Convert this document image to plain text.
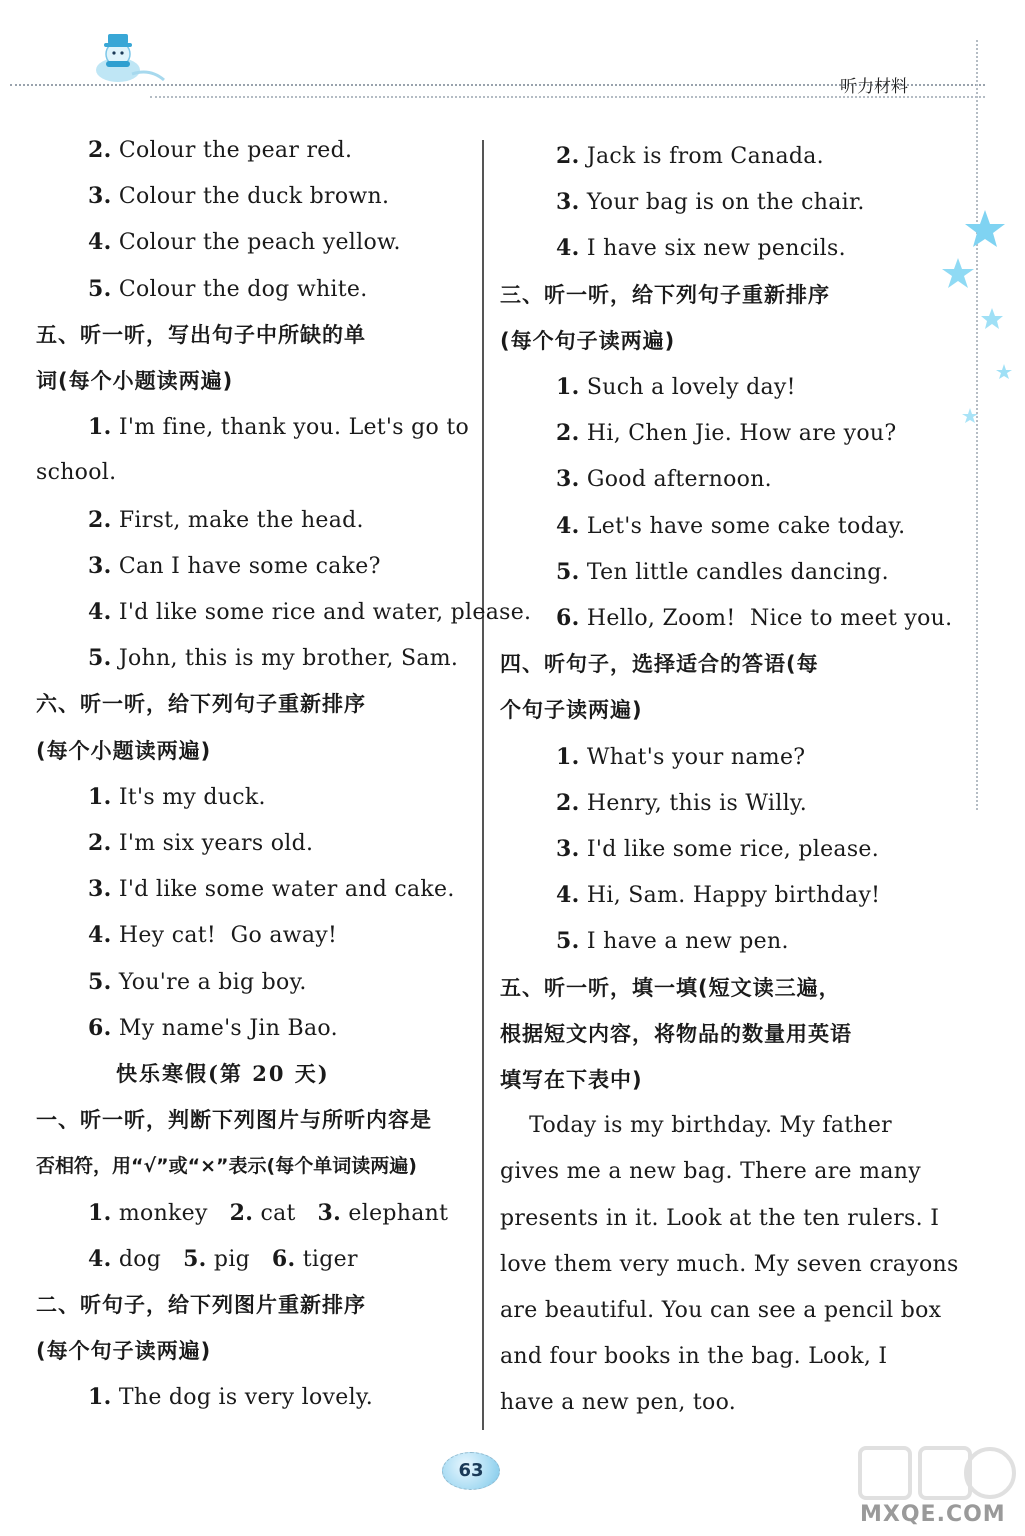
听力材料
2. Colour the pear red.
3. Colour the duck brown.
4. Colour the peach yellow.
5. Colour the dog white.
五、听一听，写出句子中所缺的单
词(每个小题读两遍)
1. I'm fine, thank you. Let's go to
school.
2. First, make the head.
3. Can I have some cake?
4. I'd like some rice and water, please.
5. John, this is my brother, Sam.
六、听一听，给下列句子重新排序
(每个小题读两遍)
1. It's my duck.
2. I'm six years old.
3. I'd like some water and cake.
4. Hey cat!  Go away!
5. You're a big boy.
6. My name's Jin Bao.
快乐寒假(第 20 天)
一、听一听，判断下列图片与所听内容是
否相符，用“√”或“×”表示(每个单词读两遍)
1. monkey   2. cat   3. elephant
4. dog   5. pig   6. tiger
二、听句子，给下列图片重新排序
(每个句子读两遍)
1. The dog is very lovely.
2. Jack is from Canada.
3. Your bag is on the chair.
4. I have six new pencils.
三、听一听，给下列句子重新排序
(每个句子读两遍)
1. Such a lovely day!
2. Hi, Chen Jie. How are you?
3. Good afternoon.
4. Let's have some cake today.
5. Ten little candles dancing.
6. Hello, Zoom!  Nice to meet you.
四、听句子，选择适合的答语(每
个句子读两遍)
1. What's your name?
2. Henry, this is Willy.
3. I'd like some rice, please.
4. Hi, Sam. Happy birthday!
5. I have a new pen.
五、听一听，填一填(短文读三遍，
根据短文内容，将物品的数量用英语
填写在下表中)
Today is my birthday. My father
gives me a new bag. There are many
presents in it. Look at the ten rulers. I
love them very much. My seven crayons
are beautiful. You can see a pencil box
and four books in the bag. Look, I
have a new pen, too.
63
MXQE.COM
